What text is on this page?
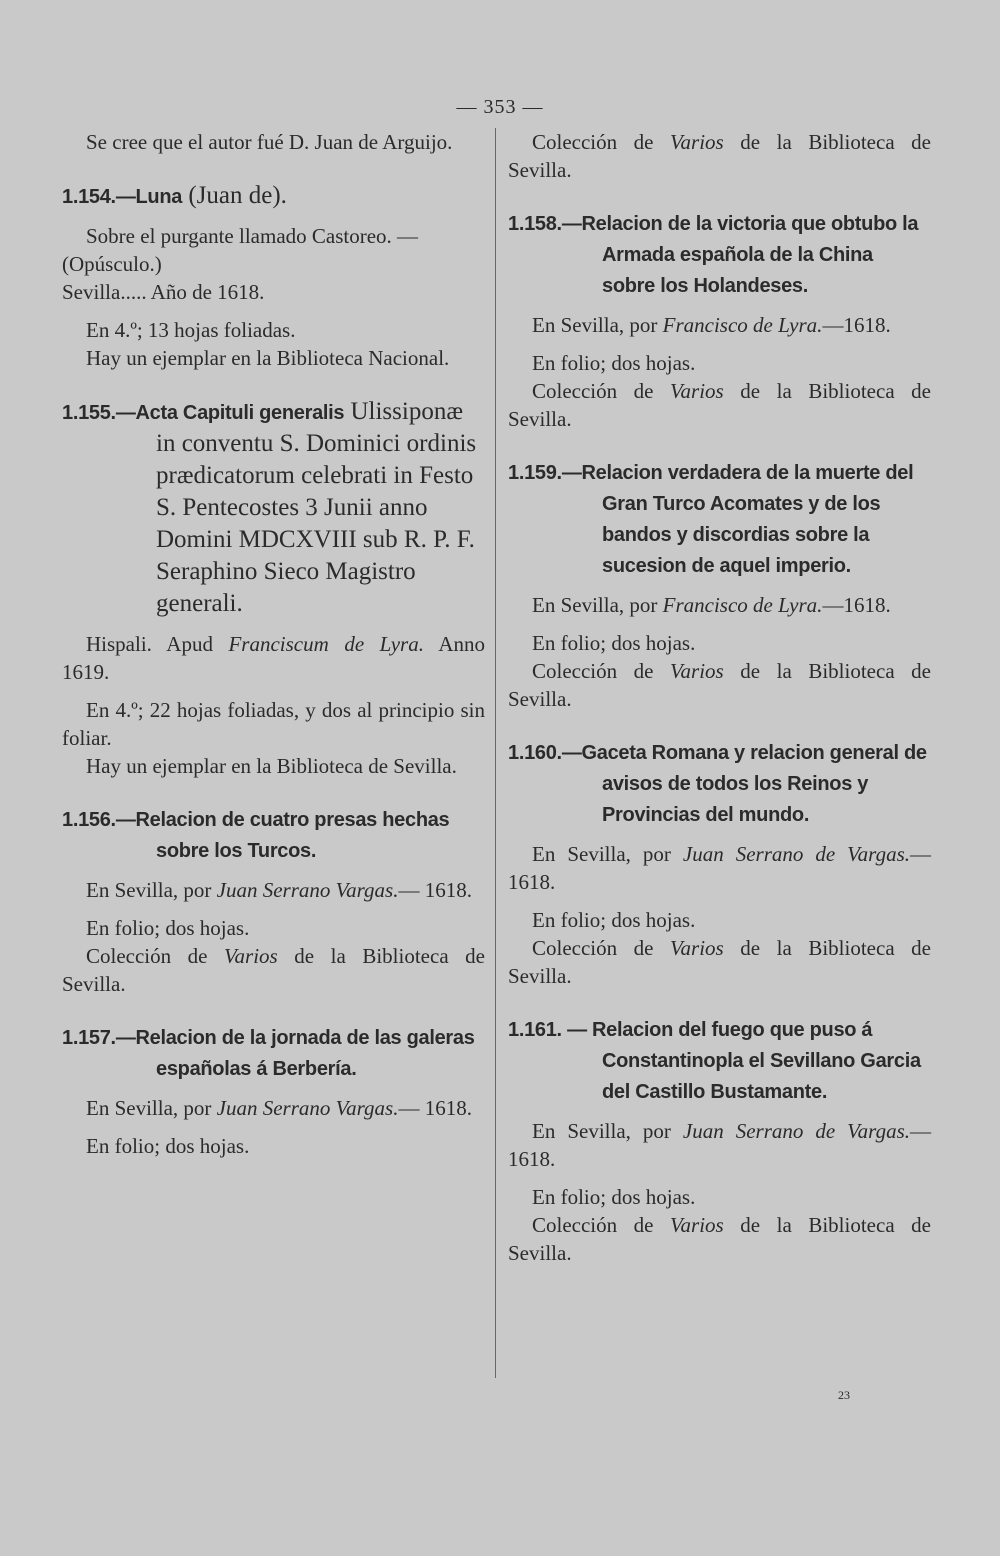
— 353 —

Se cree que el autor fué D. Juan de Arguijo.

1.154.—Luna (Juan de).

Sobre el purgante llamado Castoreo. —

(Opúsculo.)

Sevilla..... Año de 1618.

En 4.º; 13 hojas foliadas.

Hay un ejemplar en la Biblioteca Nacional.

1.155.—Acta Capituli generalis Ulissiponæ

in conventu S. Dominici ordinis prædicatorum celebrati in Festo S. Pentecostes 3 Junii anno Domini MDCXVIII sub R. P. F. Seraphino Sieco Magistro generali.

Hispali. Apud Franciscum de Lyra. Anno 1619.

En 4.º; 22 hojas foliadas, y dos al principio sin foliar.

Hay un ejemplar en la Biblioteca de Sevilla.

1.156.—Relacion de cuatro presas hechas sobre los Turcos.

En Sevilla, por Juan Serrano Vargas.— 1618.

En folio; dos hojas.

Colección de Varios de la Biblioteca de Sevilla.

1.157.—Relacion de la jornada de las galeras españolas á Berbería.

En Sevilla, por Juan Serrano Vargas.— 1618.

En folio; dos hojas.

Colección de Varios de la Biblioteca de Sevilla.

1.158.—Relacion de la victoria que obtubo la Armada española de la China sobre los Holandeses.

En Sevilla, por Francisco de Lyra.—1618.

En folio; dos hojas.

Colección de Varios de la Biblioteca de Sevilla.

1.159.—Relacion verdadera de la muerte del Gran Turco Acomates y de los bandos y discordias sobre la sucesion de aquel imperio.

En Sevilla, por Francisco de Lyra.—1618.

En folio; dos hojas.

Colección de Varios de la Biblioteca de Sevilla.

1.160.—Gaceta Romana y relacion general de avisos de todos los Reinos y Provincias del mundo.

En Sevilla, por Juan Serrano de Vargas.— 1618.

En folio; dos hojas.

Colección de Varios de la Biblioteca de Sevilla.

1.161. — Relacion del fuego que puso á Constantinopla el Sevillano Garcia del Castillo Bustamante.

En Sevilla, por Juan Serrano de Vargas.— 1618.

En folio; dos hojas.

Colección de Varios de la Biblioteca de Sevilla.

23
